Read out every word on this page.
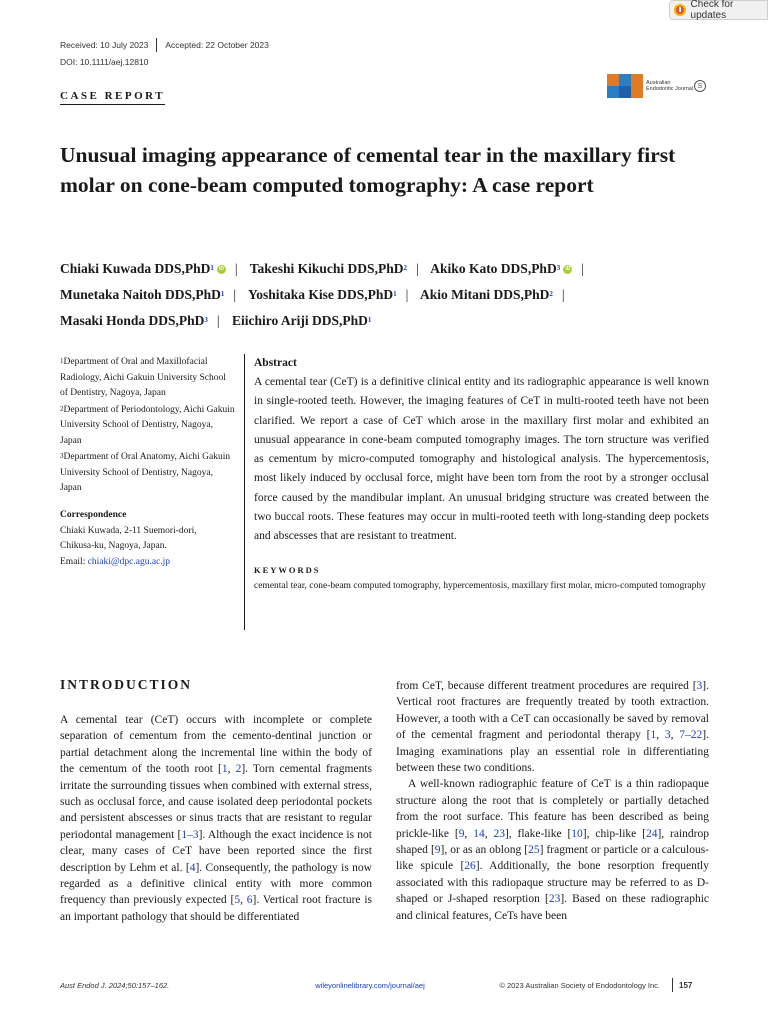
Check for updates
Received: 10 July 2023 Accepted: 22 October 2023
DOI: 10.1111/aej.12810
CASE REPORT
Australian Endodontic Journal S
Unusual imaging appearance of cemental tear in the maxillary first molar on cone-beam computed tomography: A case report
Chiaki Kuwada DDS,PhD$^1$ iD | Takeshi Kikuchi DDS,PhD$^2$ | Akiko Kato DDS,PhD$^3$ iD | Munetaka Naitoh DDS,PhD$^1$ | Yoshitaka Kise DDS,PhD$^1$ | Akio Mitani DDS,PhD$^2$ | Masaki Honda DDS,PhD$^3$ | Eiichiro Ariji DDS,PhD$^1$

$^1$Department of Oral and Maxillofacial Radiology, Aichi Gakuin University School of Dentistry, Nagoya, Japan

$^2$Department of Periodontology, Aichi Gakuin University School of Dentistry, Nagoya, Japan

$^3$Department of Oral Anatomy, Aichi Gakuin University School of Dentistry, Nagoya, Japan

Correspondence
Chiaki Kuwada, 2-11 Suemori-dori,
Chikusa-ku, Nagoya, Japan.
Email: chiaki@dpc.agu.ac.jp
Abstract
A cemental tear (CeT) is a definitive clinical entity and its radiographic appearance is well known in single-rooted teeth. However, the imaging features of CeT in multi-rooted teeth have not been clarified. We report a case of CeT which arose in the maxillary first molar and exhibited an unusual appearance in cone-beam computed tomography images. The torn structure was verified as cementum by micro-computed tomography and histological analysis. The hypercementosis, most likely induced by occlusal force, might have been torn from the root by a stronger occlusal force caused by the mandibular implant. An unusual bridging structure was created between the two buccal roots. These features may occur in multi-rooted teeth with long-standing deep pockets and abscesses that are resistant to treatment.
KEYWORDS
cemental tear, cone-beam computed tomography, hypercementosis, maxillary first molar, micro-computed tomography
INTRODUCTION

A cemental tear (CeT) occurs with incomplete or complete separation of cementum from the cemento-dentinal junction or partial detachment along the incremental line within the body of the cementum of the tooth root [1, 2]. Torn cemental fragments irritate the surrounding tissues when combined with external stress, such as occlusal force, and cause isolated deep periodontal pockets and persistent abscesses or sinus tracts that are resistant to regular periodontal management [1–3]. Although the exact incidence is not clear, many cases of CeT have been reported since the first description by Lehm et al. [4]. Consequently, the pathology is now regarded as a definitive clinical entity with more common frequency than previously expected [5, 6]. Vertical root fracture is an important pathology that should be differentiated

from CeT, because different treatment procedures are required [3]. Vertical root fractures are frequently treated by tooth extraction. However, a tooth with a CeT can occasionally be saved by removal of the cemental fragment and periodontal therapy [1, 3, 7–22]. Imaging examinations play an essential role in differentiating between these two conditions.

A well-known radiographic feature of CeT is a thin radiopaque structure along the root that is completely or partially detached from the root surface. This feature has been described as being prickle-like [9, 14, 23], flake-like [10], chip-like [24], raindrop shaped [9], or as an oblong [25] fragment or particle or a calculous-like spicule [26]. Additionally, the bone resorption frequently associated with this radiopaque structure may be referred to as D-shaped or J-shaped resorption [23]. Based on these radiographic and clinical features, CeTs have been

Aust Endod J. 2024;50:157–162.	wileyonlinelibrary.com/journal/aej	© 2023 Australian Society of Endodontology Inc. 157
